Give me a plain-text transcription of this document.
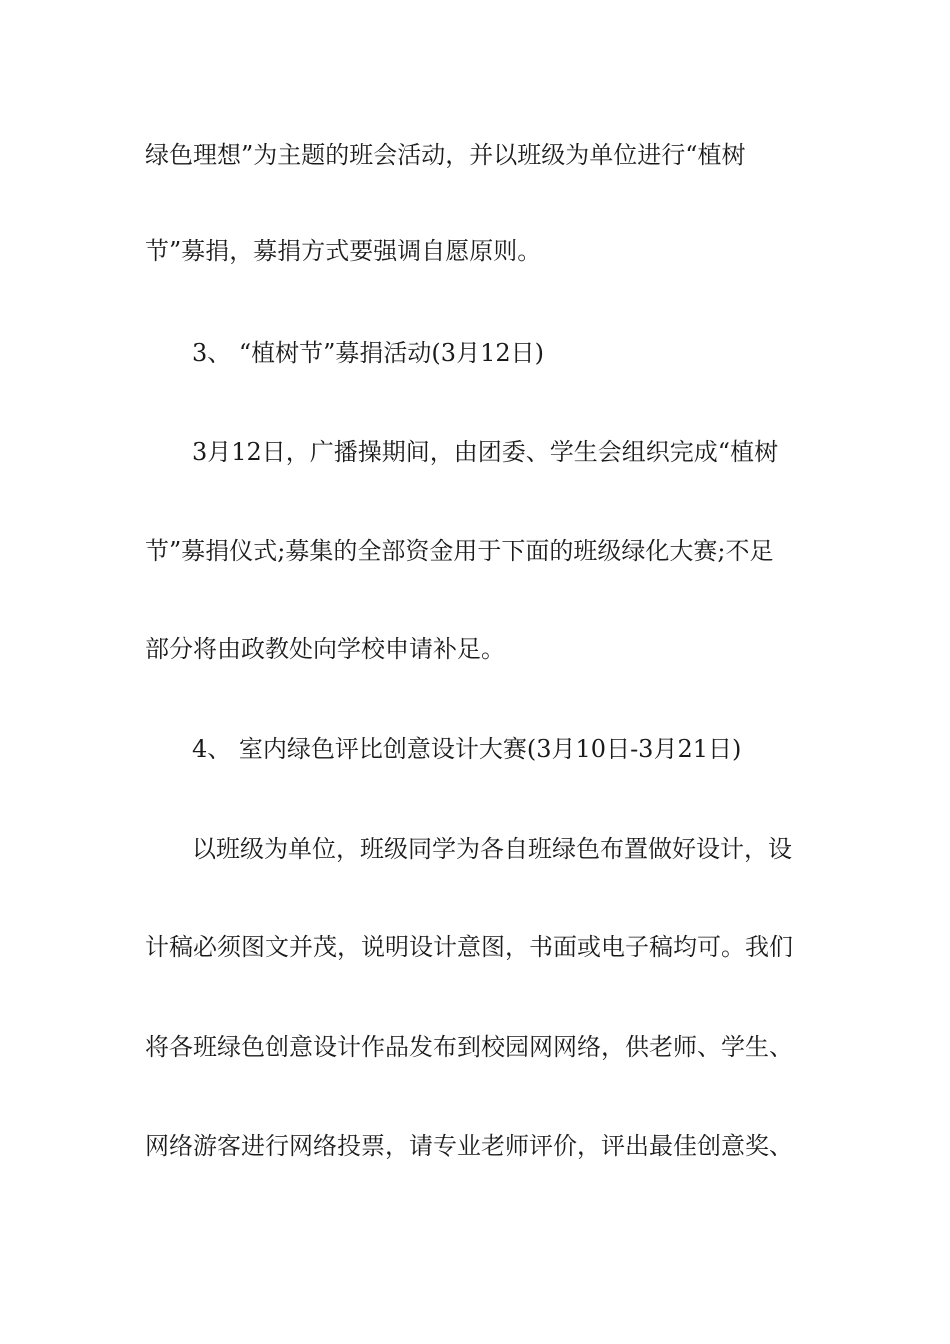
绿色理想”为主题的班会活动，并以班级为单位进行“植树
节”募捐，募捐方式要强调自愿原则。
3、 “植树节”募捐活动(3月12日)
3月12日，广播操期间，由团委、学生会组织完成“植树
节”募捐仪式;募集的全部资金用于下面的班级绿化大赛;不足
部分将由政教处向学校申请补足。
4、 室内绿色评比创意设计大赛(3月10日-3月21日)
以班级为单位，班级同学为各自班绿色布置做好设计，设
计稿必须图文并茂，说明设计意图，书面或电子稿均可。我们
将各班绿色创意设计作品发布到校园网网络，供老师、学生、
网络游客进行网络投票，请专业老师评价，评出最佳创意奖、
